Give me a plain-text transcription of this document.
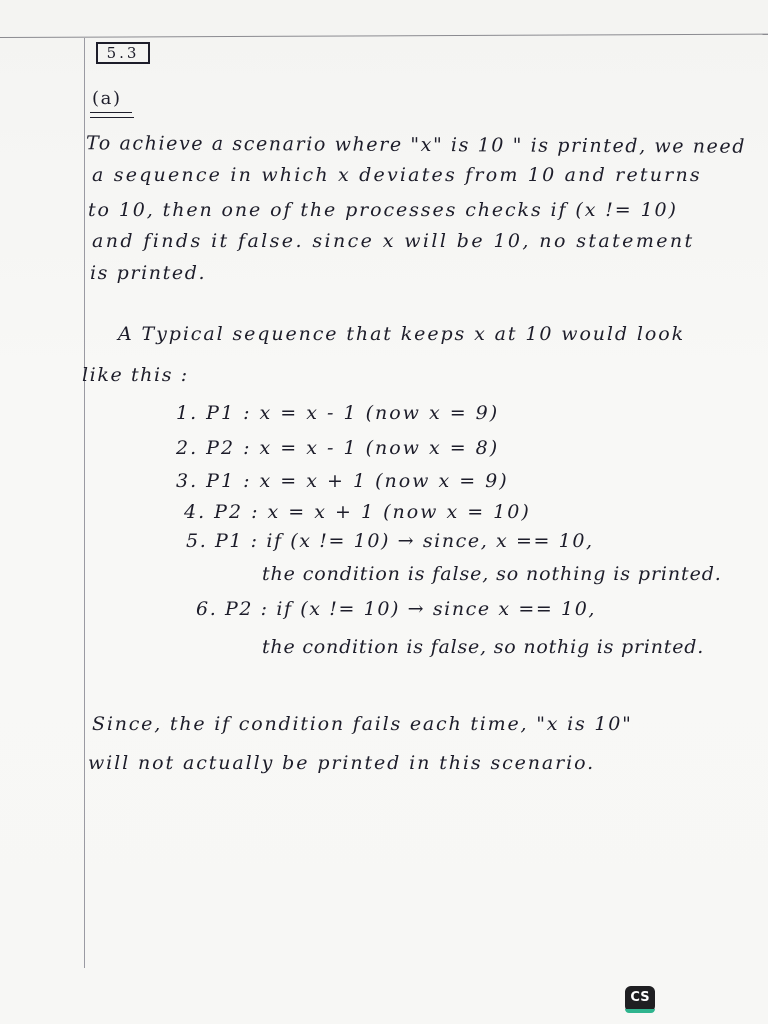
5.3
(a)
To achieve a scenario where "x" is 10 " is printed, we need
a sequence in which x deviates from 10 and returns
to 10, then one of the processes checks if (x != 10)
and finds it false. since x will be 10, no statement
is printed.
A Typical sequence that keeps x at 10 would look
like this :
1. P1 : x = x - 1 (now x = 9)
2. P2 : x = x - 1 (now x = 8)
3. P1 : x = x + 1 (now x = 9)
4. P2 : x = x + 1 (now x = 10)
5. P1 : if (x != 10) → since, x == 10,
the condition is false, so nothing is printed.
6. P2 : if (x != 10) → since x == 10,
the condition is false, so nothig is printed.
Since, the if condition fails each time, "x is 10"
will not actually be printed in this scenario.
CS
